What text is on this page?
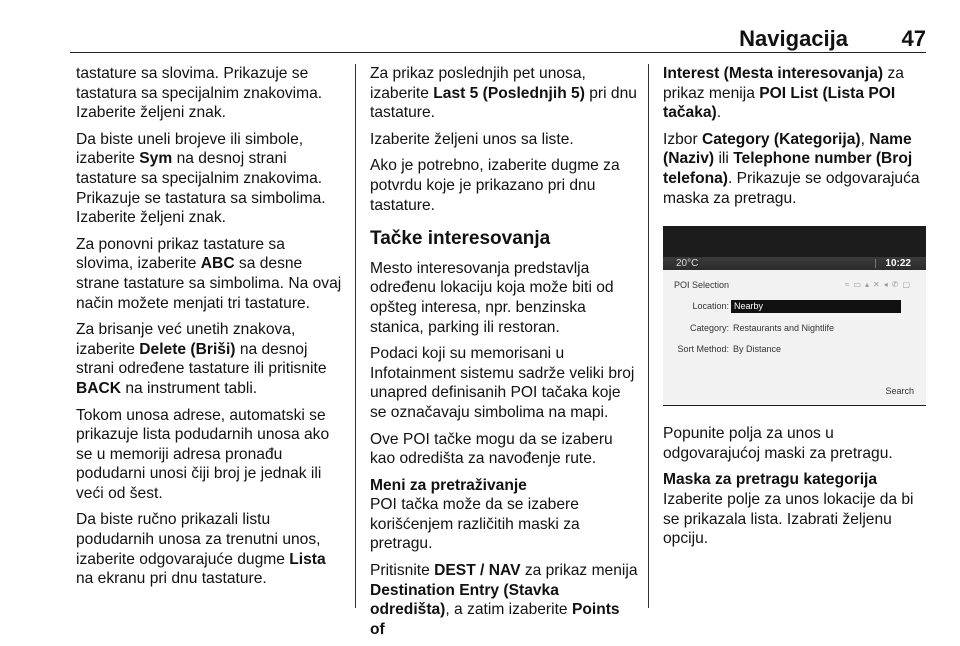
Navigacija 47

tastature sa slovima. Prikazuje se tastatura sa specijalnim znakovima. Izaberite željeni znak.

Da biste uneli brojeve ili simbole, izaberite Sym na desnoj strani tastature sa specijalnim znakovima. Prikazuje se tastatura sa simbolima. Izaberite željeni znak.

Za ponovni prikaz tastature sa slovima, izaberite ABC sa desne strane tastature sa simbolima. Na ovaj način možete menjati tri tastature.

Za brisanje već unetih znakova, izaberite Delete (Briši) na desnoj strani određene tastature ili pritisnite BACK na instrument tabli.

Tokom unosa adrese, automatski se prikazuje lista podudarnih unosa ako se u memoriji adresa pronađu podudarni unosi čiji broj je jednak ili veći od šest.

Da biste ručno prikazali listu podudarnih unosa za trenutni unos, izaberite odgovarajuće dugme Lista na ekranu pri dnu tastature.

Za prikaz poslednjih pet unosa, izaberite Last 5 (Poslednjih 5) pri dnu tastature.

Izaberite željeni unos sa liste.

Ako je potrebno, izaberite dugme za potvrdu koje je prikazano pri dnu tastature.

Tačke interesovanja

Mesto interesovanja predstavlja određenu lokaciju koja može biti od opšteg interesa, npr. benzinska stanica, parking ili restoran.

Podaci koji su memorisani u Infotainment sistemu sadrže veliki broj unapred definisanih POI tačaka koje se označavaju simbolima na mapi.

Ove POI tačke mogu da se izaberu kao odredišta za navođenje rute.

Meni za pretraživanje

POI tačka može da se izabere korišćenjem različitih maski za pretragu.

Pritisnite DEST / NAV za prikaz menija Destination Entry (Stavka odredišta), a zatim izaberite Points of

Interest (Mesta interesovanja) za prikaz menija POI List (Lista POI tačaka).

Izbor Category (Kategorija), Name (Naziv) ili Telephone number (Broj telefona). Prikazuje se odgovarajuća maska za pretragu.

20°C	10:22
POI Selection	≈▭▴✕◂✆▢
Location: Nearby
Category: Restaurants and Nightlife
Sort Method: By Distance
Search

Popunite polja za unos u odgovarajućoj maski za pretragu.

Maska za pretragu kategorija

Izaberite polje za unos lokacije da bi se prikazala lista. Izabrati željenu opciju.
